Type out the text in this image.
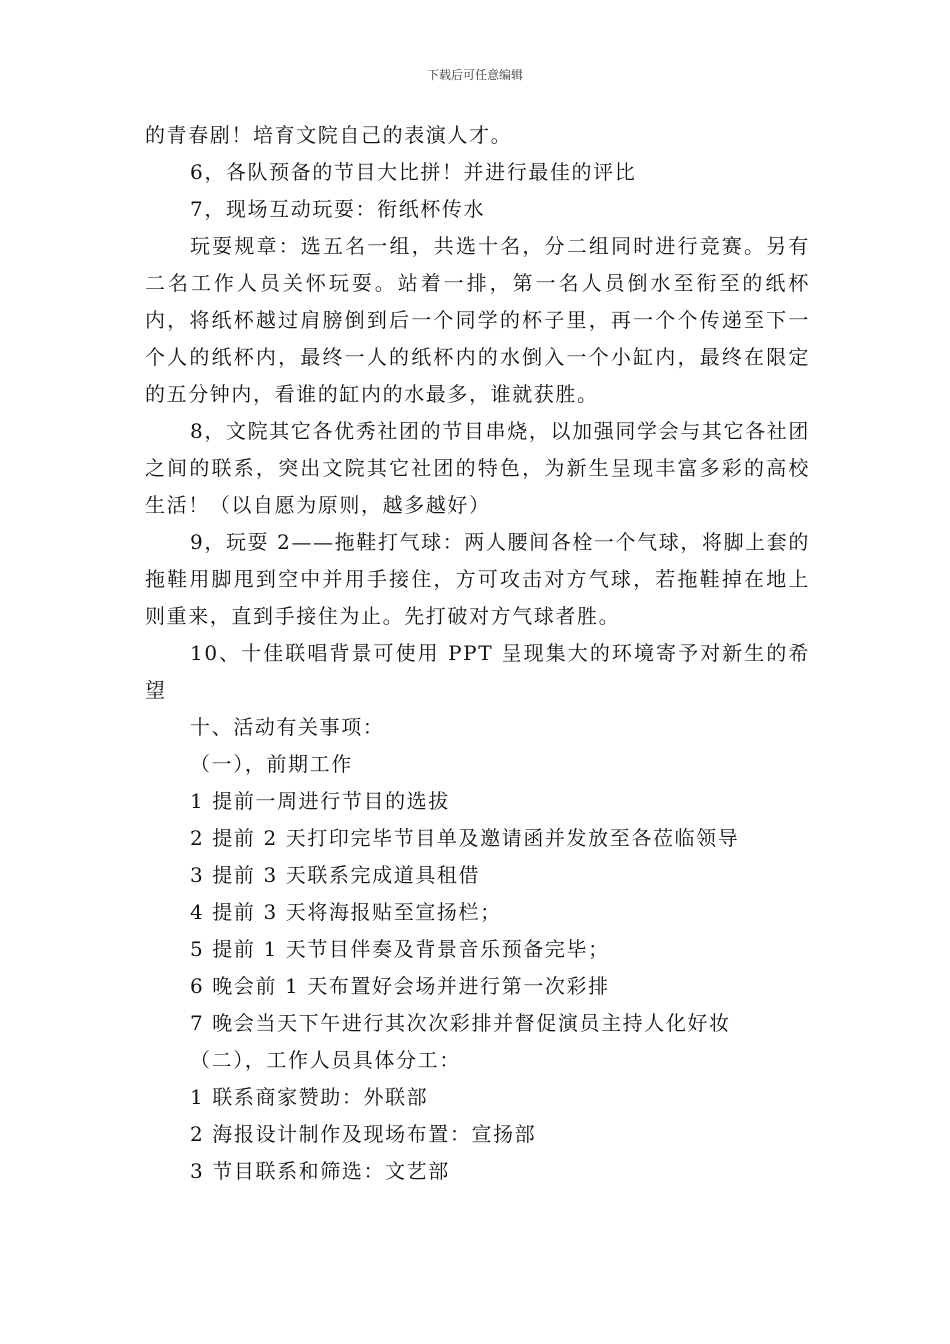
下载后可任意编辑

的青春剧！培育文院自己的表演人才。

6，各队预备的节目大比拼！并进行最佳的评比

7，现场互动玩耍：衔纸杯传水

玩耍规章：选五名一组，共选十名，分二组同时进行竞赛。另有二名工作人员关怀玩耍。站着一排，第一名人员倒水至衔至的纸杯内，将纸杯越过肩膀倒到后一个同学的杯子里，再一个个传递至下一个人的纸杯内，最终一人的纸杯内的水倒入一个小缸内，最终在限定的五分钟内，看谁的缸内的水最多，谁就获胜。

8，文院其它各优秀社团的节目串烧，以加强同学会与其它各社团之间的联系，突出文院其它社团的特色，为新生呈现丰富多彩的高校生活！（以自愿为原则，越多越好）

9，玩耍 2——拖鞋打气球：两人腰间各栓一个气球，将脚上套的拖鞋用脚甩到空中并用手接住，方可攻击对方气球，若拖鞋掉在地上则重来，直到手接住为止。先打破对方气球者胜。

10、十佳联唱背景可使用 PPT 呈现集大的环境寄予对新生的希望

十、活动有关事项：

（一），前期工作

1 提前一周进行节目的选拔

2 提前 2 天打印完毕节目单及邀请函并发放至各莅临领导

3 提前 3 天联系完成道具租借

4 提前 3 天将海报贴至宣扬栏；

5 提前 1 天节目伴奏及背景音乐预备完毕；

6 晚会前 1 天布置好会场并进行第一次彩排

7 晚会当天下午进行其次次彩排并督促演员主持人化好妆

（二），工作人员具体分工：

1 联系商家赞助：外联部

2 海报设计制作及现场布置：宣扬部

3 节目联系和筛选：文艺部
